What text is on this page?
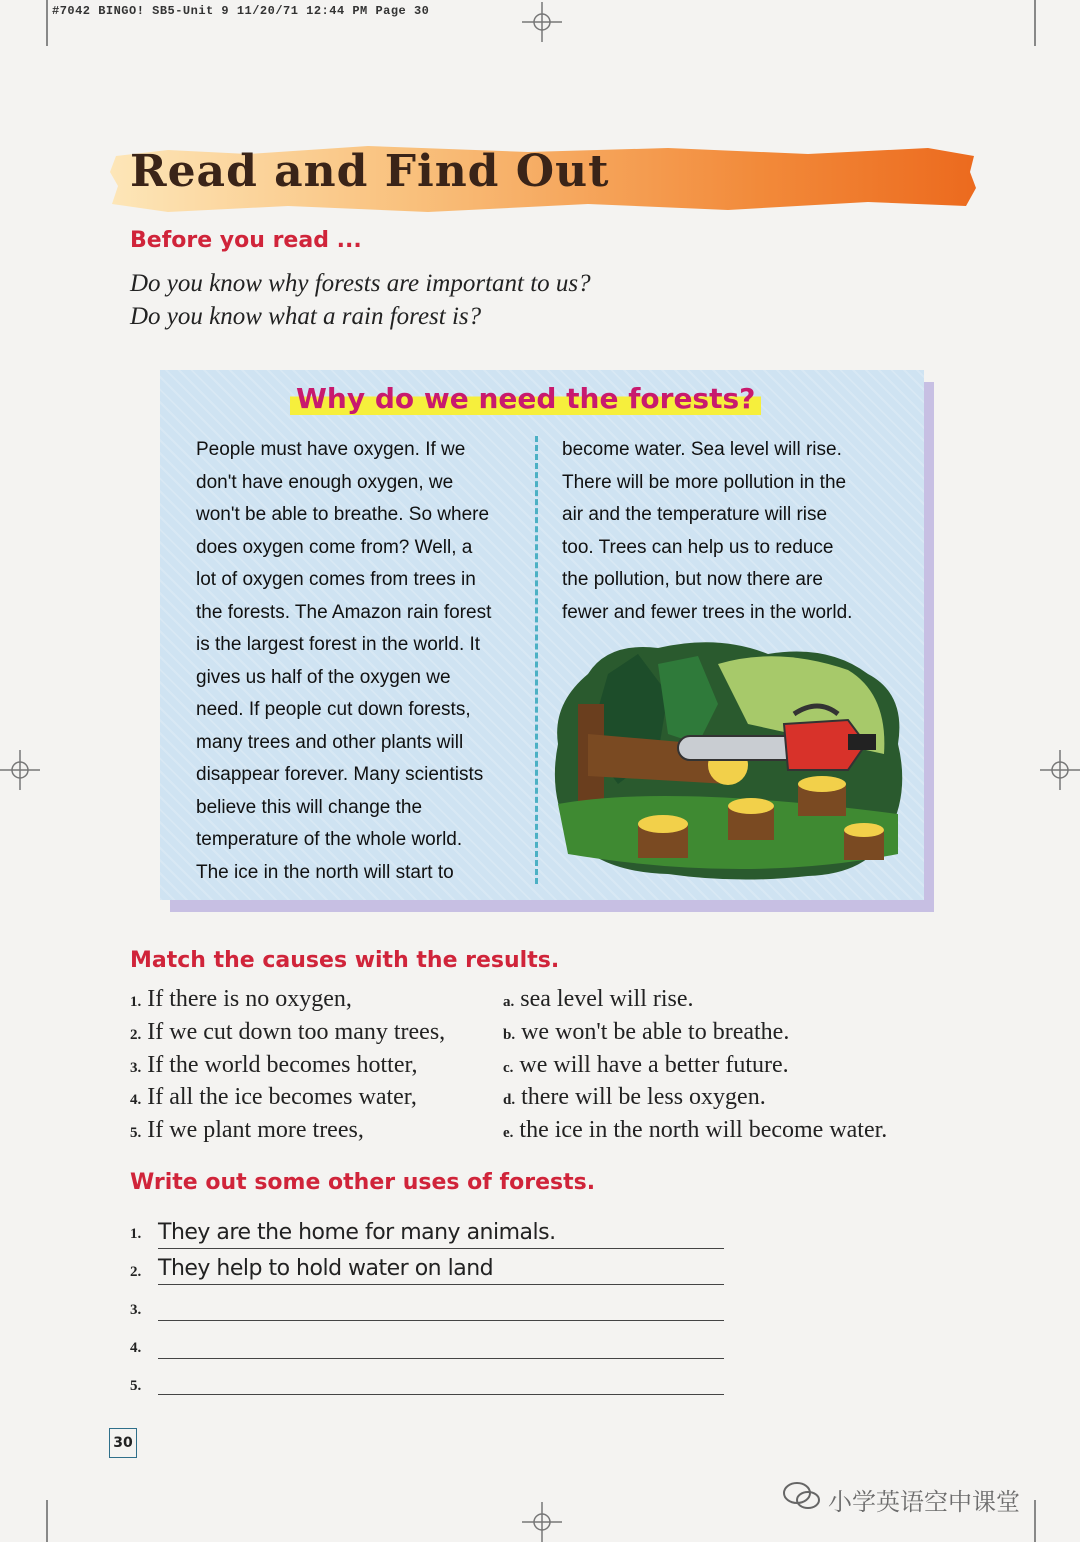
#7042 BINGO! SB5-Unit 9 11/20/71 12:44 PM Page 30
Read and Find Out
Before you read ...
Do you know why forests are important to us?
Do you know what a rain forest is?
Why do we need the forests?
People must have oxygen. If we
don't have enough oxygen, we
won't be able to breathe. So where
does oxygen come from? Well, a
lot of oxygen comes from trees in
the forests. The Amazon rain forest
is the largest forest in the world. It
gives us half of the oxygen we
need. If people cut down forests,
many trees and other plants will
disappear forever. Many scientists
believe this will change the
temperature of the whole world.
The ice in the north will start to
become water. Sea level will rise.
There will be more pollution in the
air and the temperature will rise
too. Trees can help us to reduce
the pollution, but now there are
fewer and fewer trees in the world.
Match the causes with the results.
1. If there is no oxygen,
2. If we cut down too many trees,
3. If the world becomes hotter,
4. If all the ice becomes water,
5. If we plant more trees,
a. sea level will rise.
b. we won't be able to breathe.
c. we will have a better future.
d. there will be less oxygen.
e. the ice in the north will become water.
Write out some other uses of forests.
1. They are the home for many animals.
2. They help to hold water on land
3.
4.
5.
30
小学英语空中课堂
